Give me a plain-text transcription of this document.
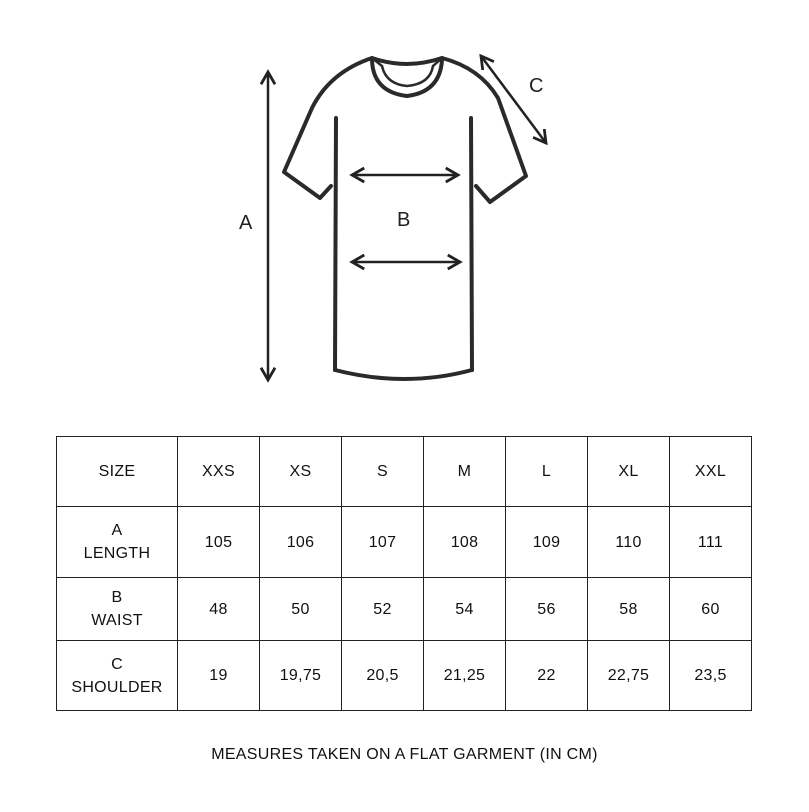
A	B
C
SIZE	XXS	XS	S	M	L	XL	XXL

A
LENGTH	105	106	107	108	109	110	111

B
WAIST	48	50	52	54	56	58	60

C
SHOULDER	19	19,75	20,5	21,25	22	22,75	23,5
MEASURES TAKEN ON A FLAT GARMENT (IN CM)
